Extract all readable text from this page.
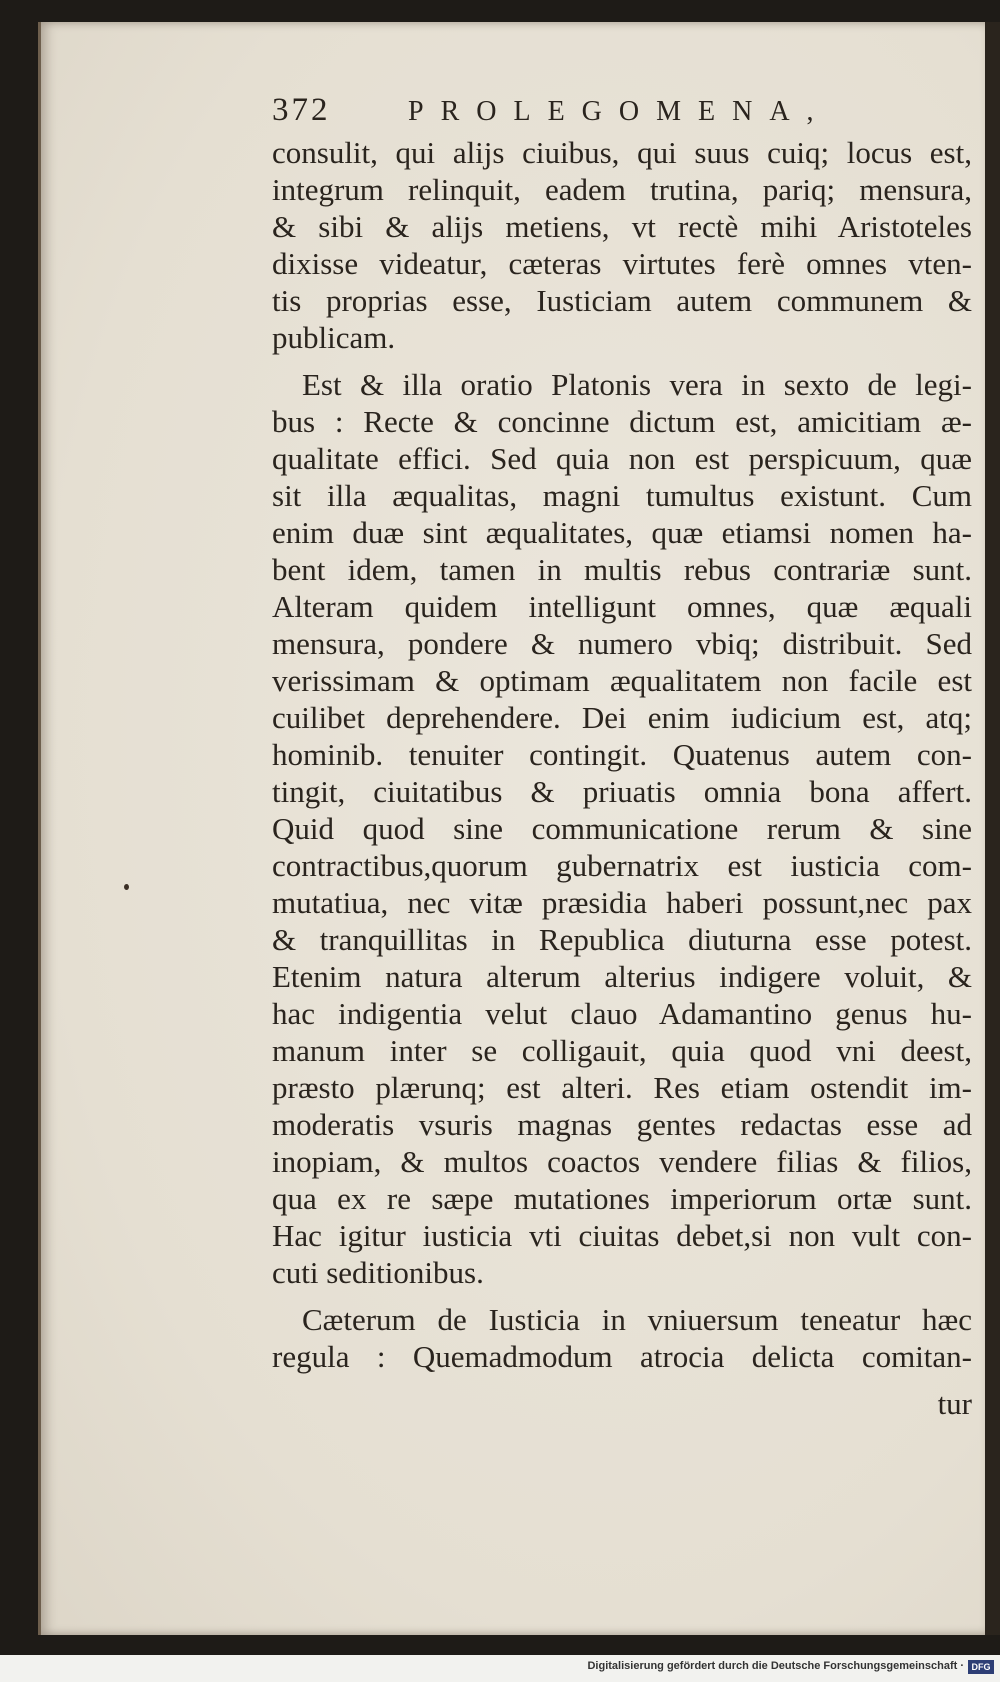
372	PROLEGOMENA,
consulit, qui alijs ciuibus, qui suus cuiq; locus est,
integrum relinquit, eadem trutina, pariq; mensura,
& sibi & alijs metiens, vt rectè mihi Aristoteles
dixisse videatur, cæteras virtutes ferè omnes vten-
tis proprias esse, Iusticiam autem communem &
publicam.
Est & illa oratio Platonis vera in sexto de legi-
bus : Recte & concinne dictum est, amicitiam æ-
qualitate effici. Sed quia non est perspicuum, quæ
sit illa æqualitas, magni tumultus existunt. Cum
enim duæ sint æqualitates, quæ etiamsi nomen ha-
bent idem, tamen in multis rebus contrariæ sunt.
Alteram quidem intelligunt omnes, quæ æquali
mensura, pondere & numero vbiq; distribuit. Sed
verissimam & optimam æqualitatem non facile est
cuilibet deprehendere. Dei enim iudicium est, atq;
hominib. tenuiter contingit. Quatenus autem con-
tingit, ciuitatibus & priuatis omnia bona affert.
Quid quod sine communicatione rerum & sine
contractibus,quorum gubernatrix est iusticia com-
mutatiua, nec vitæ præsidia haberi possunt,nec pax
& tranquillitas in Republica diuturna esse potest.
Etenim natura alterum alterius indigere voluit, &
hac indigentia velut clauo Adamantino genus hu-
manum inter se colligauit, quia quod vni deest,
præsto plærunq; est alteri. Res etiam ostendit im-
moderatis vsuris magnas gentes redactas esse ad
inopiam, & multos coactos vendere filias & filios,
qua ex re sæpe mutationes imperiorum ortæ sunt.
Hac igitur iusticia vti ciuitas debet,si non vult con-
cuti seditionibus.
Cæterum de Iusticia in vniuersum teneatur hæc
regula : Quemadmodum atrocia delicta comitan-
tur
Digitalisierung gefördert durch die Deutsche Forschungsgemeinschaft · DFG
